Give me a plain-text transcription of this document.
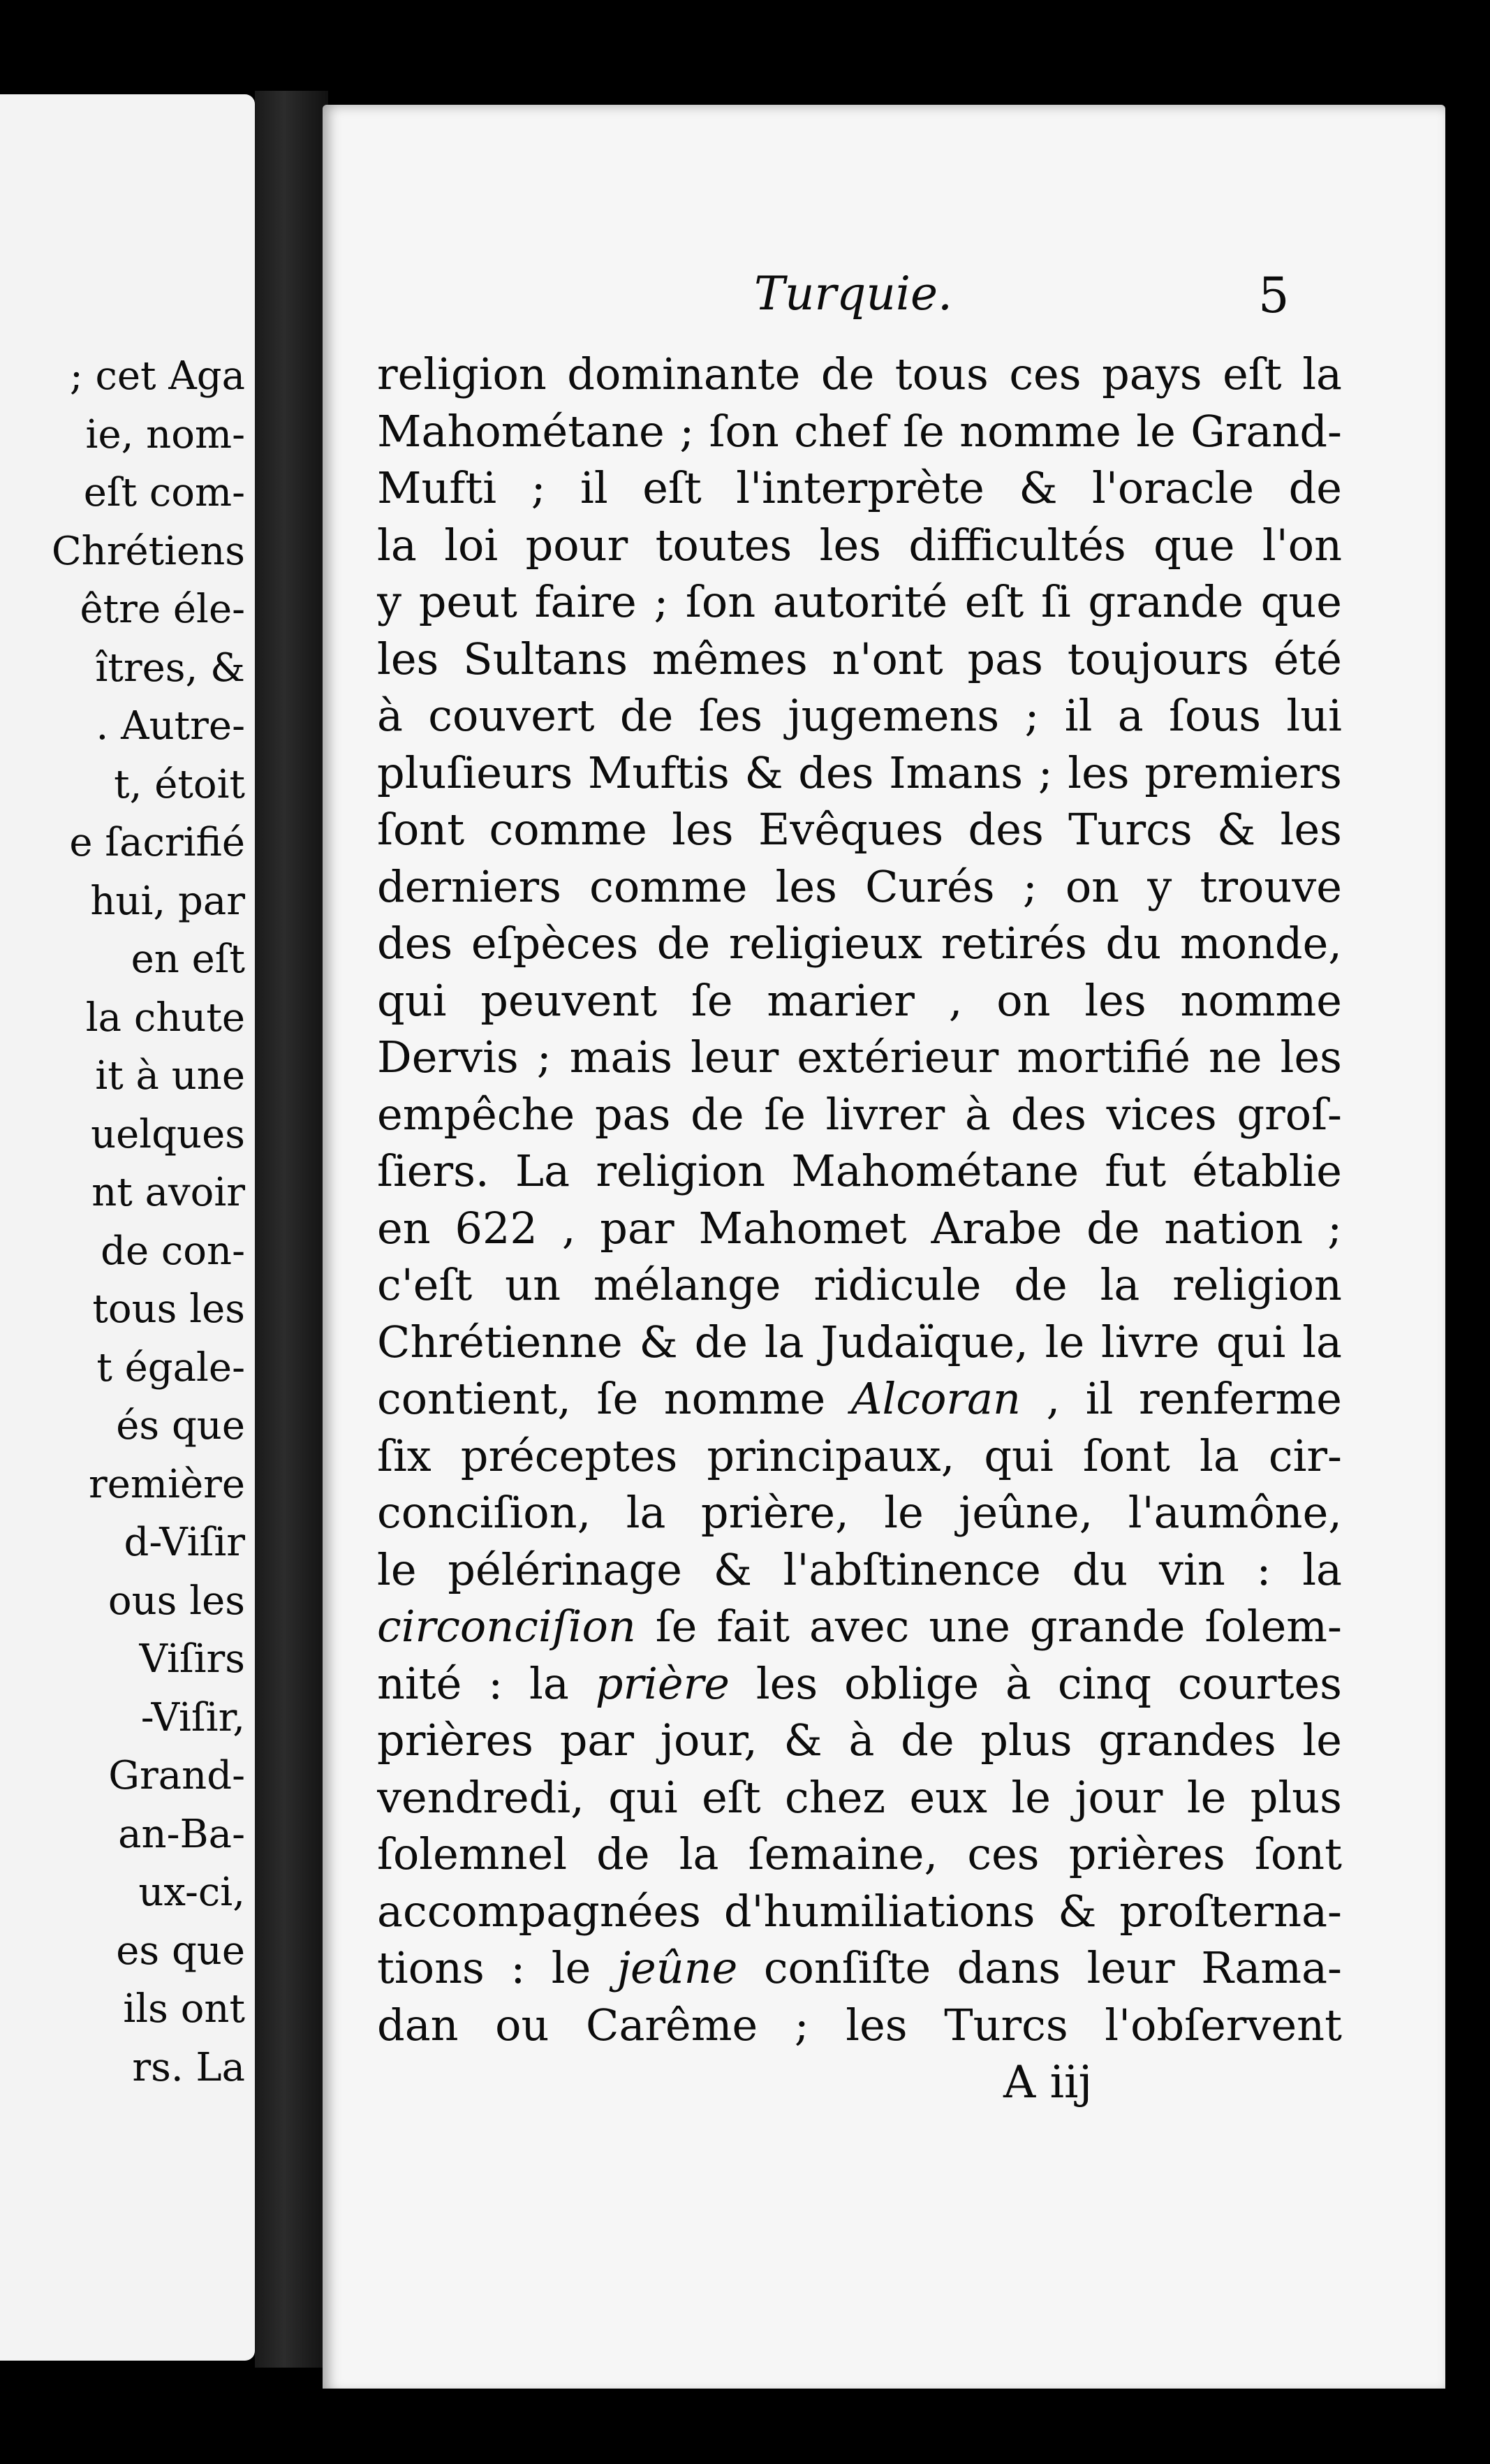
; cet Aga
ie, nom-
eſt com-
Chrétiens
être éle-
îtres, &
. Autre-
t, étoit
e ſacrifié
hui, par
en eſt
la chute
it à une
uelques
nt avoir
de con-
tous les
t égale-
és que
remière
d-Viſir
ous les
Viſirs
-Viſir,
Grand-
an-Ba-
ux-ci,
es que
ils ont
rs. La
Turquie.	5
religion dominante de tous ces pays eſt la
Mahométane ; ſon chef ſe nomme le Grand-
Mufti ; il eſt l'interprète & l'oracle de
la loi pour toutes les difficultés que l'on
y peut faire ; ſon autorité eſt ſi grande que
les Sultans mêmes n'ont pas toujours été
à couvert de ſes jugemens ; il a ſous lui
pluſieurs Muftis & des Imans ; les premiers
ſont comme les Evêques des Turcs & les
derniers comme les Curés ; on y trouve
des eſpèces de religieux retirés du monde,
qui peuvent ſe marier , on les nomme
Dervis ; mais leur extérieur mortifié ne les
empêche pas de ſe livrer à des vices groſ-
ſiers. La religion Mahométane fut établie
en 622 , par Mahomet Arabe de nation ;
c'eſt un mélange ridicule de la religion
Chrétienne & de la Judaïque, le livre qui la
contient, ſe nomme Alcoran , il renferme
ſix préceptes principaux, qui ſont la cir-
conciſion, la prière, le jeûne, l'aumône,
le pélérinage & l'abſtinence du vin : la
circonciſion ſe fait avec une grande ſolem-
nité : la prière les oblige à cinq courtes
prières par jour, & à de plus grandes le
vendredi, qui eſt chez eux le jour le plus
ſolemnel de la ſemaine, ces prières ſont
accompagnées d'humiliations & proſterna-
tions : le jeûne conſiſte dans leur Rama-
dan ou Carême ; les Turcs l'obſervent
A iij
